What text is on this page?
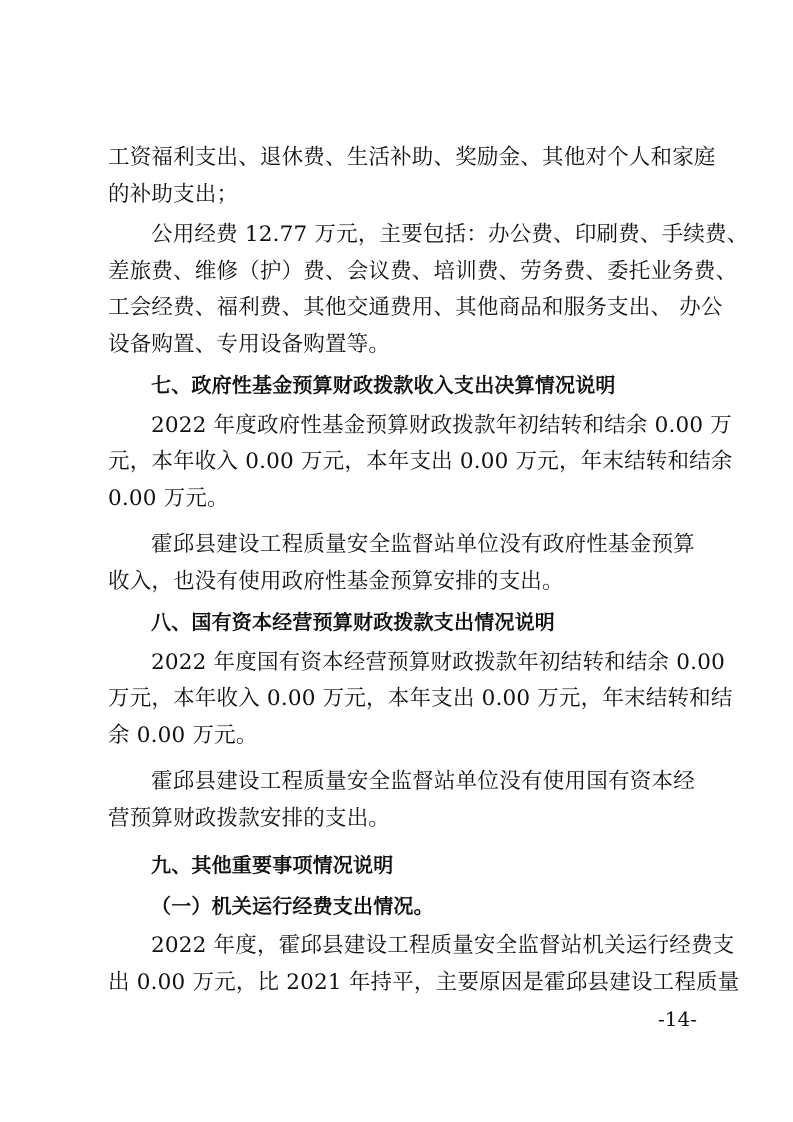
工资福利支出、退休费、生活补助、奖励金、其他对个人和家庭
的补助支出；
公用经费 12.77 万元，主要包括：办公费、印刷费、手续费、
差旅费、维修（护）费、会议费、培训费、劳务费、委托业务费、
工会经费、福利费、其他交通费用、其他商品和服务支出、 办公
设备购置、专用设备购置等。
七、政府性基金预算财政拨款收入支出决算情况说明
2022 年度政府性基金预算财政拨款年初结转和结余 0.00 万
元，本年收入 0.00 万元，本年支出 0.00 万元，年末结转和结余
0.00 万元。
霍邱县建设工程质量安全监督站单位没有政府性基金预算
收入，也没有使用政府性基金预算安排的支出。
八、国有资本经营预算财政拨款支出情况说明
2022 年度国有资本经营预算财政拨款年初结转和结余 0.00
万元，本年收入 0.00 万元，本年支出 0.00 万元，年末结转和结
余 0.00 万元。
霍邱县建设工程质量安全监督站单位没有使用国有资本经
营预算财政拨款安排的支出。
九、其他重要事项情况说明
（一）机关运行经费支出情况。
2022 年度，霍邱县建设工程质量安全监督站机关运行经费支
出 0.00 万元，比 2021 年持平，主要原因是霍邱县建设工程质量
-14-
